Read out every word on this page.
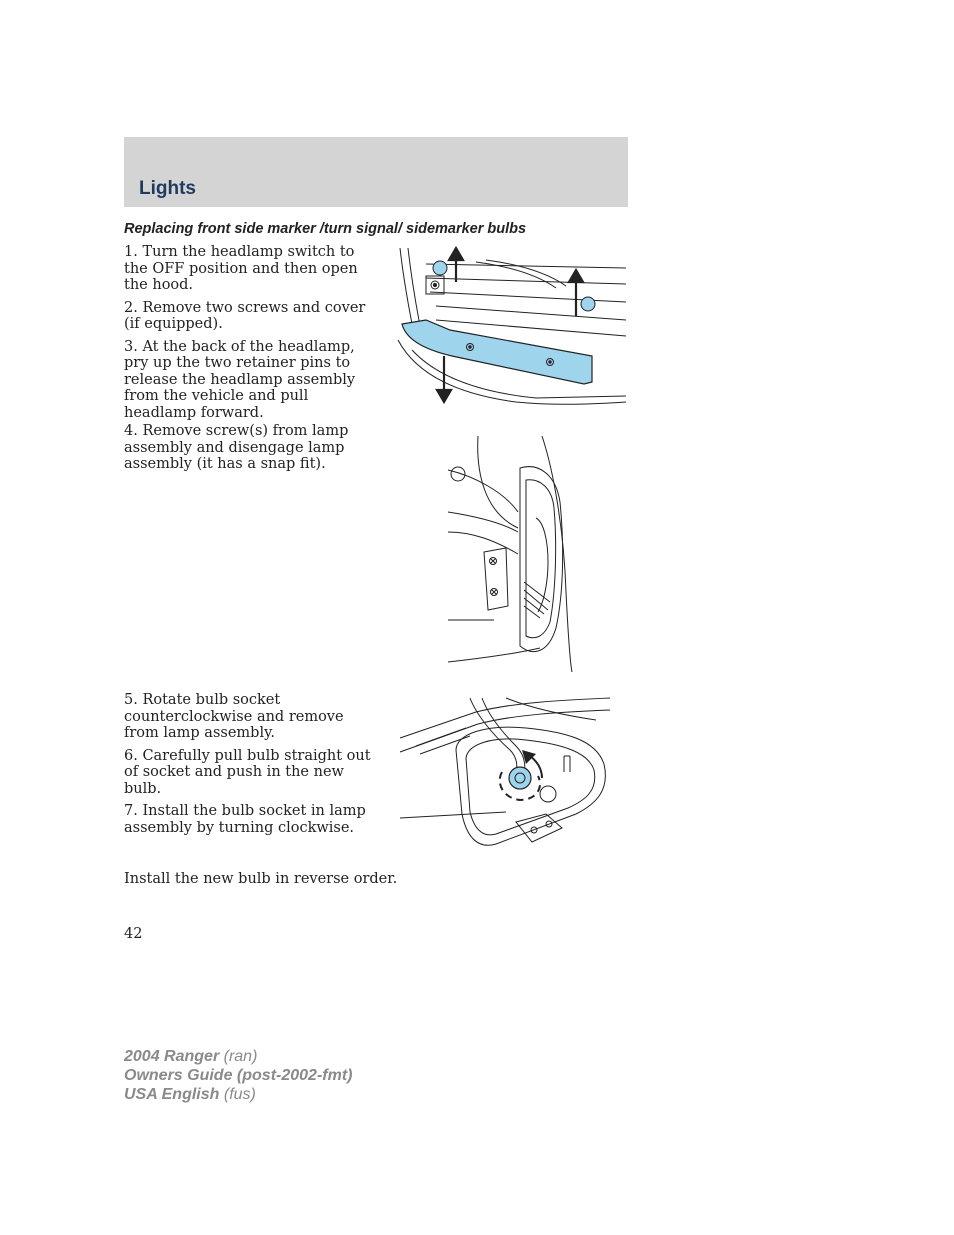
Lights
Replacing front side marker /turn signal/ sidemarker bulbs

1. Turn the headlamp switch to the OFF position and then open the hood.

2. Remove two screws and cover (if equipped).

3. At the back of the headlamp, pry up the two retainer pins to release the headlamp assembly from the vehicle and pull headlamp forward.

4. Remove screw(s) from lamp assembly and disengage lamp assembly (it has a snap fit).

5. Rotate bulb socket counterclockwise and remove from lamp assembly.

6. Carefully pull bulb straight out of socket and push in the new bulb.

7. Install the bulb socket in lamp assembly by turning clockwise.

Install the new bulb in reverse order.
42
2004 Ranger (ran)
Owners Guide (post-2002-fmt)
USA English (fus)
